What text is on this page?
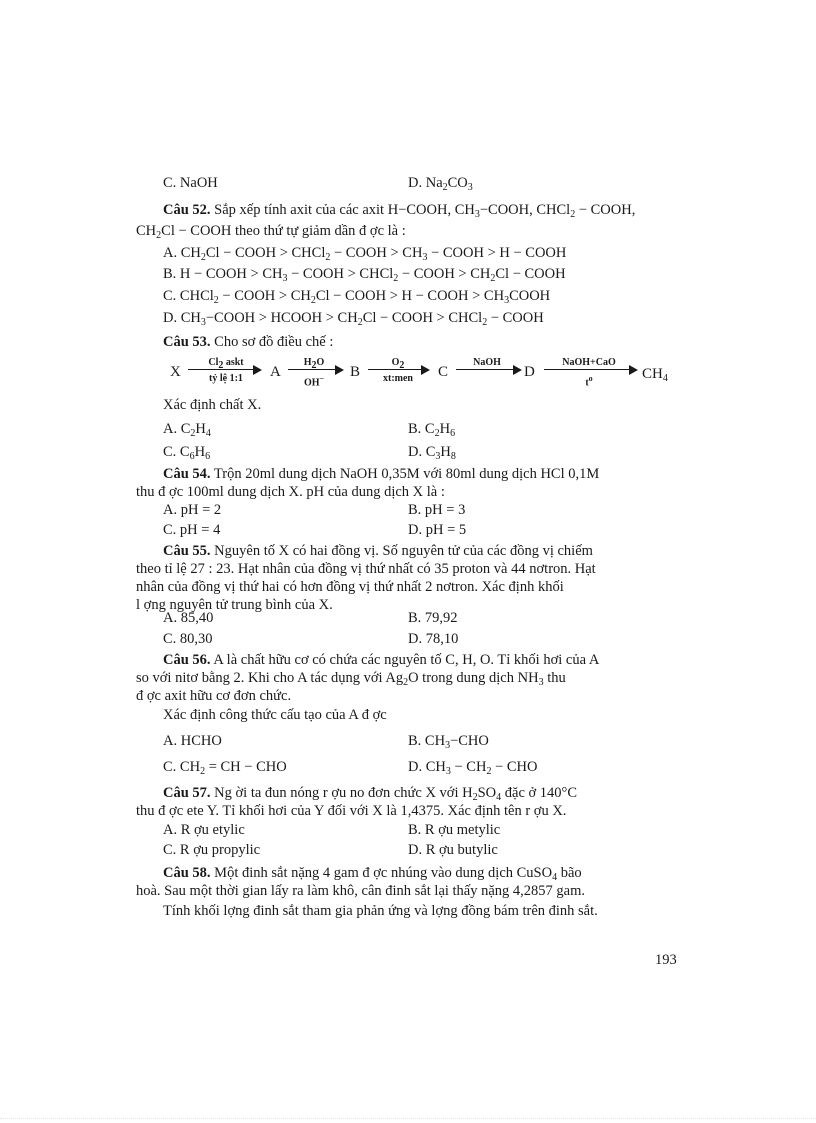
C. NaOH	D. $Na_2CO_3$
Câu 52. Sắp xếp tính axit của các axit H−COOH, $CH_3-COOH$, CHCl$_2$ − COOH,
$CH_2Cl$ − COOH theo thứ tự giảm dần đ ợc là :
A. $CH_2Cl$ − COOH > CHCl$_2$ − COOH > $CH_3$ − COOH > H − COOH
B. H − COOH > $CH_3$ − COOH > CHCl$_2$ − COOH > $CH_2Cl$ − COOH
C. CHCl$_2$ − COOH > $CH_2Cl$ − COOH > H − COOH > $CH_3COOH$
D. $CH_3-COOH$ > HCOOH > $CH_2Cl$ − COOH > CHCl$_2$ − COOH
Câu 53. Cho sơ đồ điều chế :
X
$Cl_2$ askt
tỷ lệ 1:1	A
$H_2O$
OH−	B
$O_2$
xt:men	C
NaOH
D
NaOH+CaO
$t^o$	$CH_4$
Xác định chất X.
A. $C_2H_4$	B. $C_2H_6$
C. $C_6H_6$	D. $C_3H_8$
Câu 54. Trộn 20ml dung dịch NaOH 0,35M với 80ml dung dịch HCl 0,1M
thu đ ợc 100ml dung dịch X. pH của dung dịch X là :
A. pH = 2	B. pH = 3
C. pH = 4	D. pH = 5
Câu 55. Nguyên tố X có hai đồng vị. Số nguyên tử của các đồng vị chiếm
theo tỉ lệ 27 : 23. Hạt nhân của đồng vị thứ nhất có 35 proton và 44 nơtron. Hạt
nhân của đồng vị thứ hai có hơn đồng vị thứ nhất 2 nơtron. Xác định khối
l ợng nguyên tử trung bình của X.
A. 85,40	B. 79,92
C. 80,30	D. 78,10
Câu 56. A là chất hữu cơ có chứa các nguyên tố C, H, O. Tỉ khối hơi của A
so với nitơ bằng 2. Khi cho A tác dụng với $Ag_2O$ trong dung dịch $NH_3$ thu
đ ợc axit hữu cơ đơn chức.
Xác định công thức cấu tạo của A đ ợc
A. HCHO	B. $CH_3-CHO$
C. $CH_2$ = CH − CHO	D. $CH_3 - CH_2$ − CHO
Câu 57. Ng ời ta đun nóng r ợu no đơn chức X với $H_2SO_4$ đặc ở 140°C
thu đ ợc ete Y. Tỉ khối hơi của Y đối với X là 1,4375. Xác định tên r ợu X.
A. R ợu etylic	B. R ợu metylic
C. R ợu propylic	D. R ợu butylic
Câu 58. Một đinh sắt nặng 4 gam đ ợc nhúng vào dung dịch CuSO$_4$ bão
hoà. Sau một thời gian lấy ra làm khô, cân đinh sắt lại thấy nặng 4,2857 gam.
Tính khối lợng đinh sắt tham gia phản ứng và lợng đồng bám trên đinh sắt.
193
